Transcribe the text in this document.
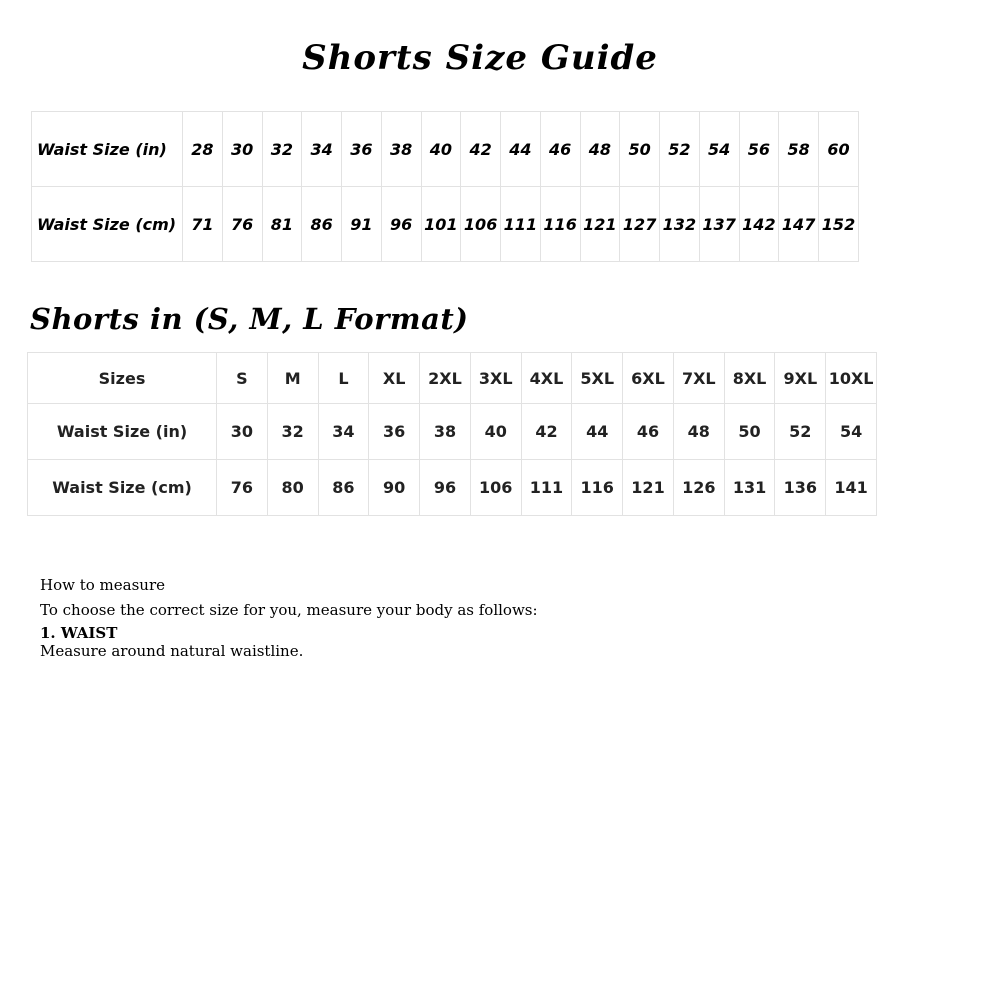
Shorts Size Guide
Waist Size (in)	28	30	32	34	36	38	40	42	44	46	48	50	52	54	56	58	60
Waist Size (cm)	71	76	81	86	91	96	101	106	111	116	121	127	132	137	142	147	152
Shorts in (S, M, L Format)
Sizes	S	M	L	XL	2XL	3XL	4XL	5XL	6XL	7XL	8XL	9XL	10XL
Waist Size (in)	30	32	34	36	38	40	42	44	46	48	50	52	54
Waist Size (cm)	76	80	86	90	96	106	111	116	121	126	131	136	141
How to measure
To choose the correct size for you, measure your body as follows:
1. WAIST
Measure around natural waistline.
